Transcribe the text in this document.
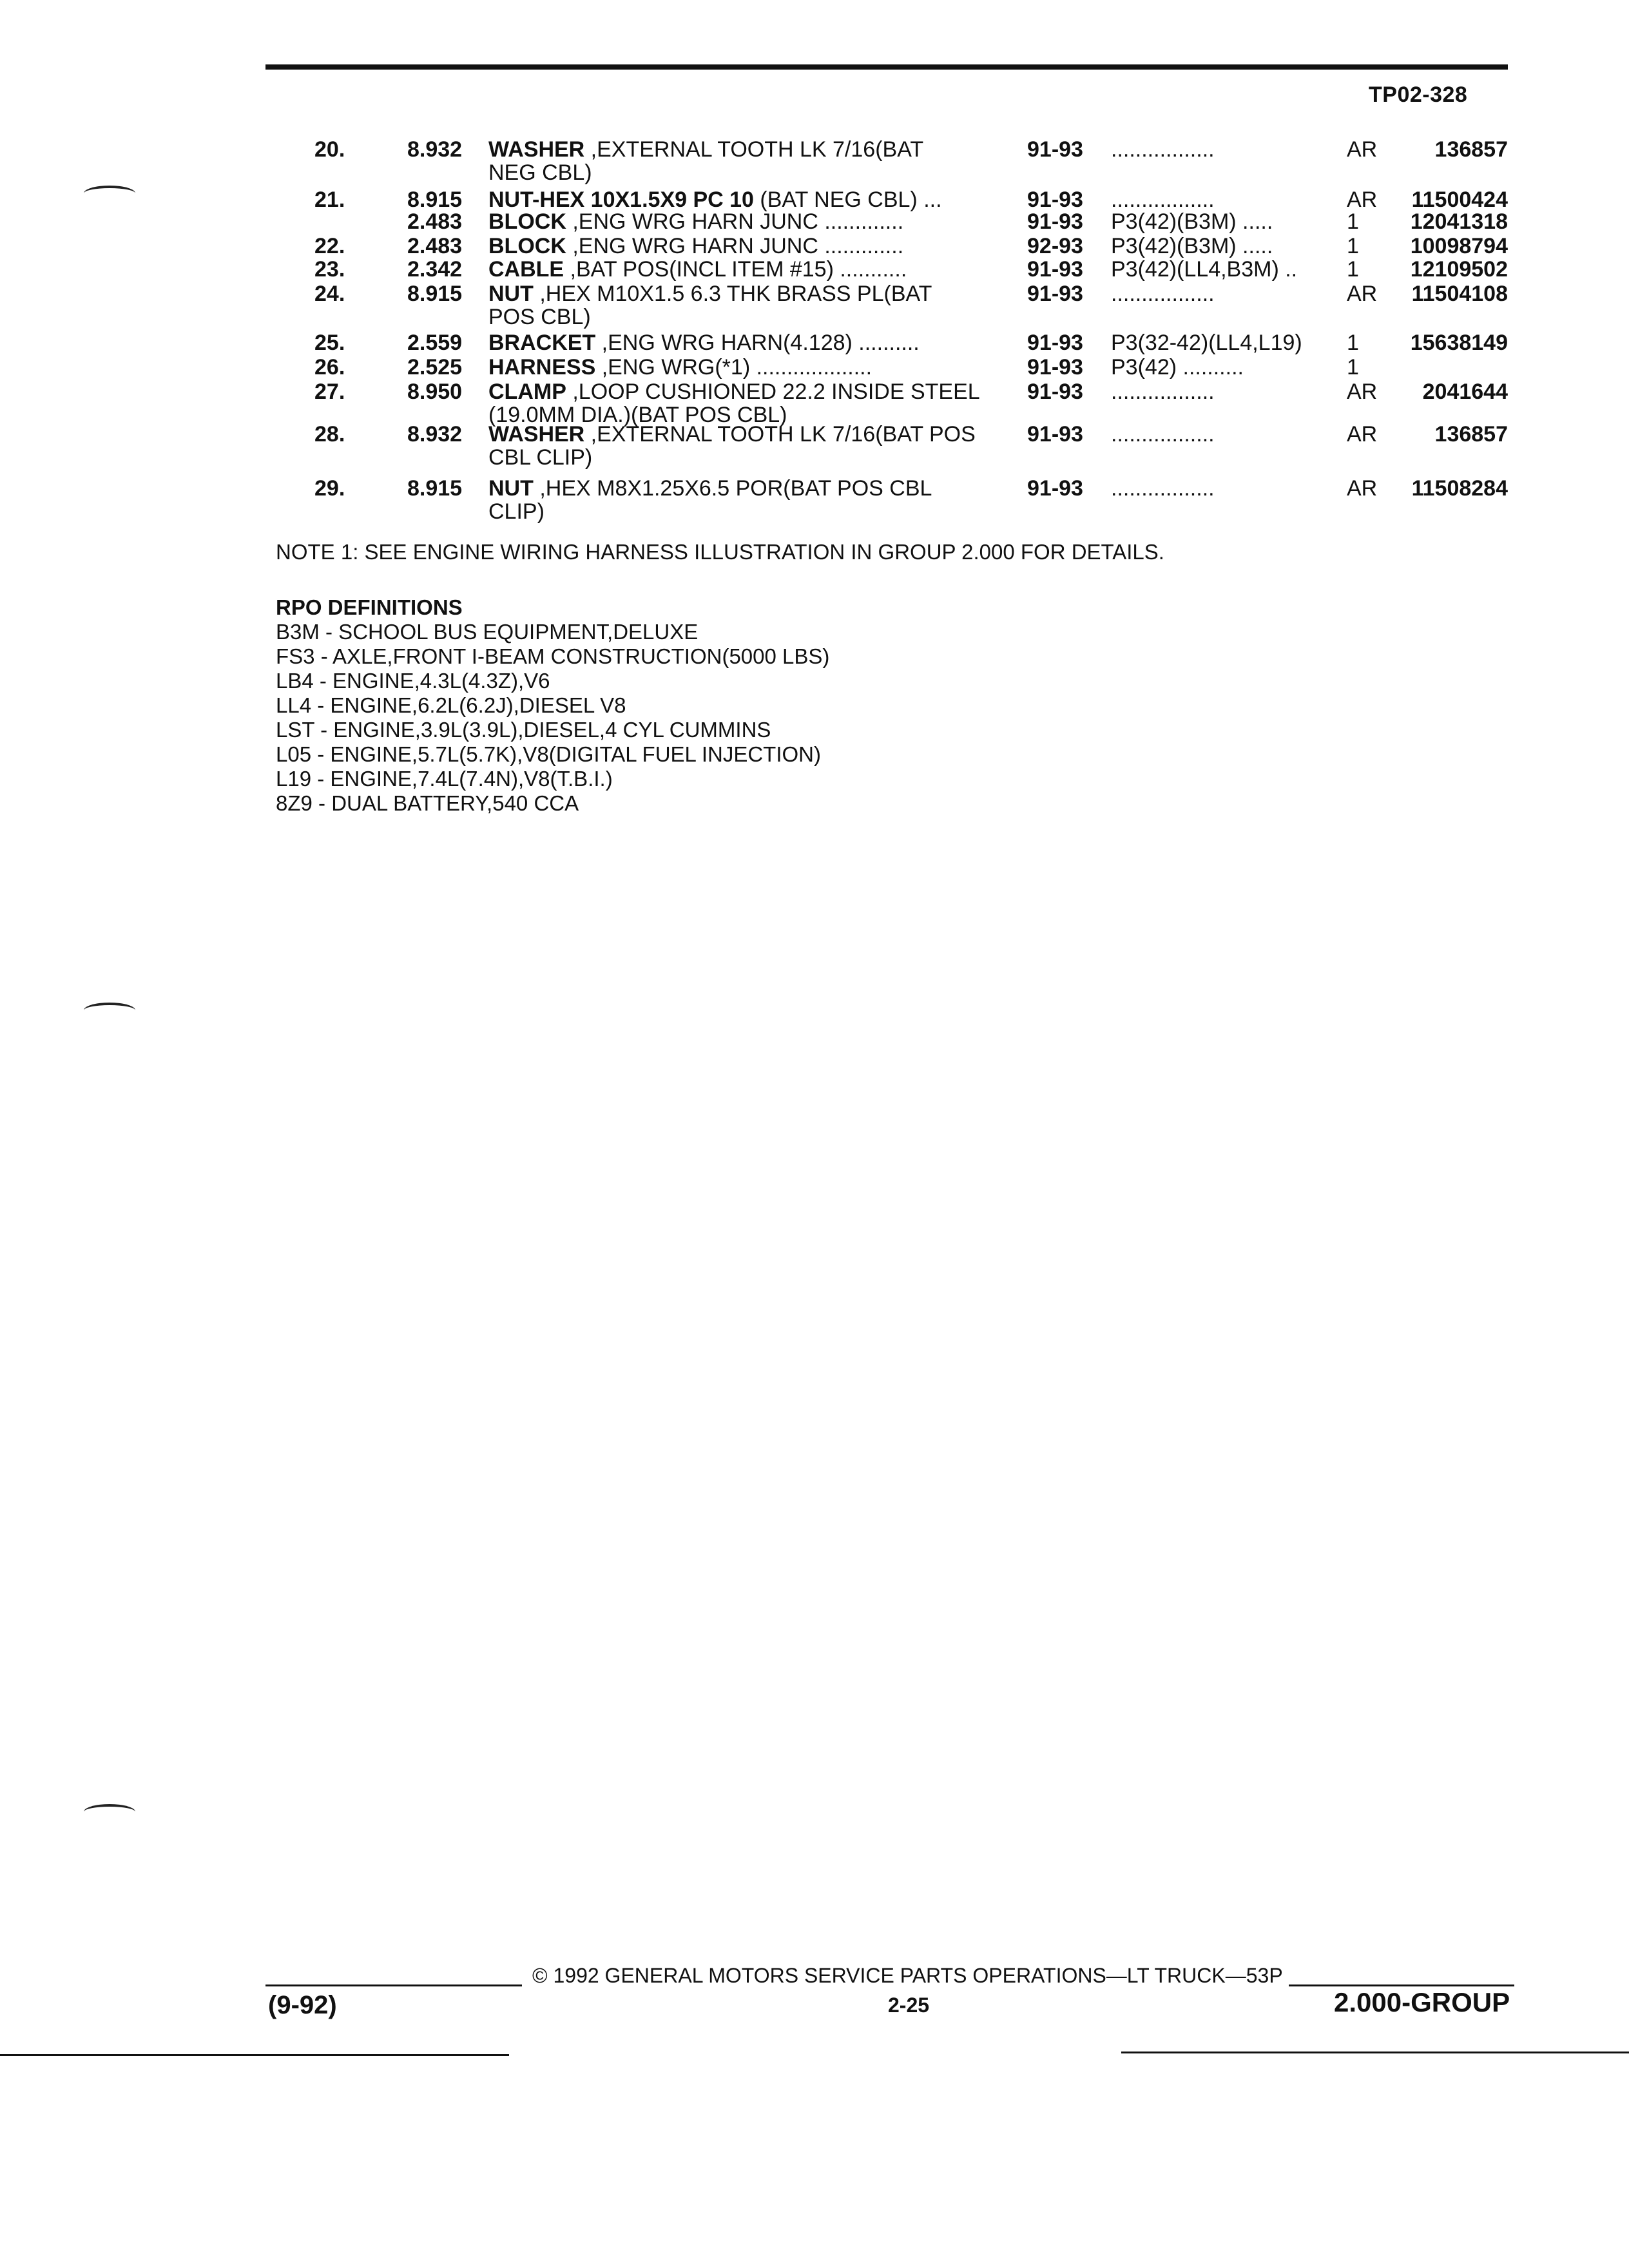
TP02-328
20.	8.932 WASHER ,EXTERNAL TOOTH LK 7/16(BAT
NEG CBL)
91-93 .................	AR	136857
21.	8.915 NUT-HEX 10X1.5X9 PC 10 (BAT NEG CBL) ...	91-93 .................	AR	11500424
2.483 BLOCK ,ENG WRG HARN JUNC .............	91-93 P3(42)(B3M) .....	1	12041318
22.	2.483 BLOCK ,ENG WRG HARN JUNC .............	92-93 P3(42)(B3M) .....	1	10098794
23.	2.342 CABLE ,BAT POS(INCL ITEM #15) ...........	91-93 P3(42)(LL4,B3M) .. 1	12109502
24.	8.915 NUT ,HEX M10X1.5 6.3 THK BRASS PL(BAT
POS CBL)
91-93 .................	AR	11504108
25.	2.559 BRACKET ,ENG WRG HARN(4.128) ..........	91-93 P3(32-42)(LL4,L19) 1	15638149
26.	2.525 HARNESS ,ENG WRG(*1) ...................	91-93 P3(42) ..........	1
27.	8.950 CLAMP ,LOOP CUSHIONED 22.2 INSIDE STEEL
(19.0MM DIA.)(BAT POS CBL)
91-93 .................	AR	2041644
28.	8.932 WASHER ,EXTERNAL TOOTH LK 7/16(BAT POS
CBL CLIP)
91-93 .................	AR	136857
29.	8.915 NUT ,HEX M8X1.25X6.5 POR(BAT POS CBL
CLIP)
91-93 .................	AR	11508284
NOTE 1: SEE ENGINE WIRING HARNESS ILLUSTRATION IN GROUP 2.000 FOR DETAILS.
RPO DEFINITIONS
B3M - SCHOOL BUS EQUIPMENT,DELUXE
FS3 - AXLE,FRONT I-BEAM CONSTRUCTION(5000 LBS)
LB4 - ENGINE,4.3L(4.3Z),V6
LL4 - ENGINE,6.2L(6.2J),DIESEL V8
LST - ENGINE,3.9L(3.9L),DIESEL,4 CYL CUMMINS
L05 - ENGINE,5.7L(5.7K),V8(DIGITAL FUEL INJECTION)
L19 - ENGINE,7.4L(7.4N),V8(T.B.I.)
8Z9 - DUAL BATTERY,540 CCA
© 1992 GENERAL MOTORS SERVICE PARTS OPERATIONS—LT TRUCK—53P
(9-92)	2-25	2.000-GROUP
